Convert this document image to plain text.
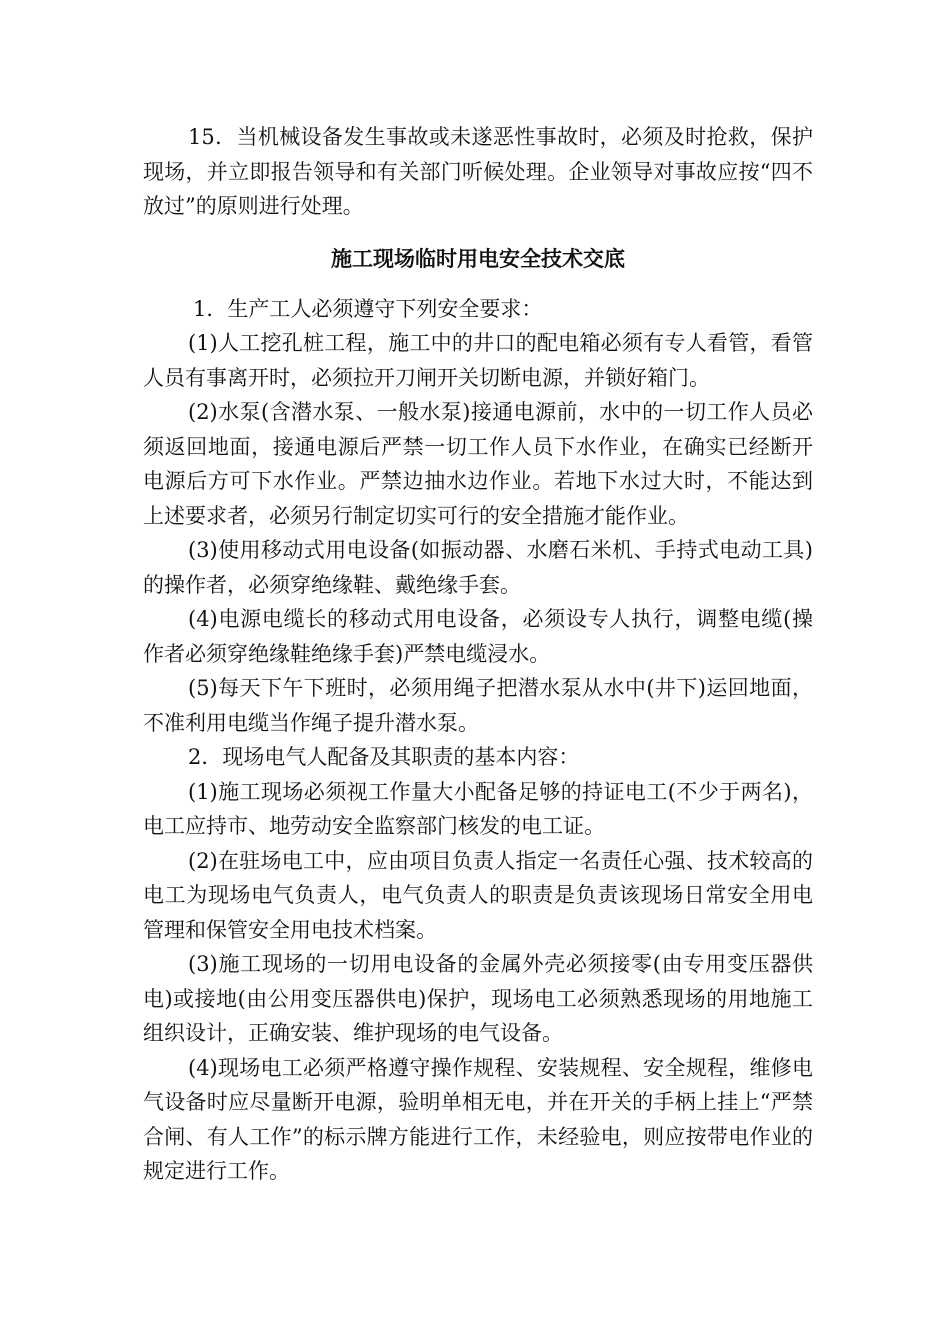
15．当机械设备发生事故或未遂恶性事故时，必须及时抢救，保护现场，并立即报告领导和有关部门听候处理。企业领导对事故应按“四不放过”的原则进行处理。

施工现场临时用电安全技术交底

1．生产工人必须遵守下列安全要求：

(1)人工挖孔桩工程，施工中的井口的配电箱必须有专人看管，看管人员有事离开时，必须拉开刀闸开关切断电源，并锁好箱门。

(2)水泵(含潜水泵、一般水泵)接通电源前，水中的一切工作人员必须返回地面，接通电源后严禁一切工作人员下水作业，在确实已经断开电源后方可下水作业。严禁边抽水边作业。若地下水过大时，不能达到上述要求者，必须另行制定切实可行的安全措施才能作业。

(3)使用移动式用电设备(如振动器、水磨石米机、手持式电动工具)的操作者，必须穿绝缘鞋、戴绝缘手套。

(4)电源电缆长的移动式用电设备，必须设专人执行，调整电缆(操作者必须穿绝缘鞋绝缘手套)严禁电缆浸水。

(5)每天下午下班时，必须用绳子把潜水泵从水中(井下)运回地面，不准利用电缆当作绳子提升潜水泵。

2．现场电气人配备及其职责的基本内容：

(1)施工现场必须视工作量大小配备足够的持证电工(不少于两名)，电工应持市、地劳动安全监察部门核发的电工证。

(2)在驻场电工中，应由项目负责人指定一名责任心强、技术较高的电工为现场电气负责人，电气负责人的职责是负责该现场日常安全用电管理和保管安全用电技术档案。

(3)施工现场的一切用电设备的金属外壳必须接零(由专用变压器供电)或接地(由公用变压器供电)保护，现场电工必须熟悉现场的用地施工组织设计，正确安装、维护现场的电气设备。

(4)现场电工必须严格遵守操作规程、安装规程、安全规程，维修电气设备时应尽量断开电源，验明单相无电，并在开关的手柄上挂上“严禁合闸、有人工作”的标示牌方能进行工作，未经验电，则应按带电作业的规定进行工作。
